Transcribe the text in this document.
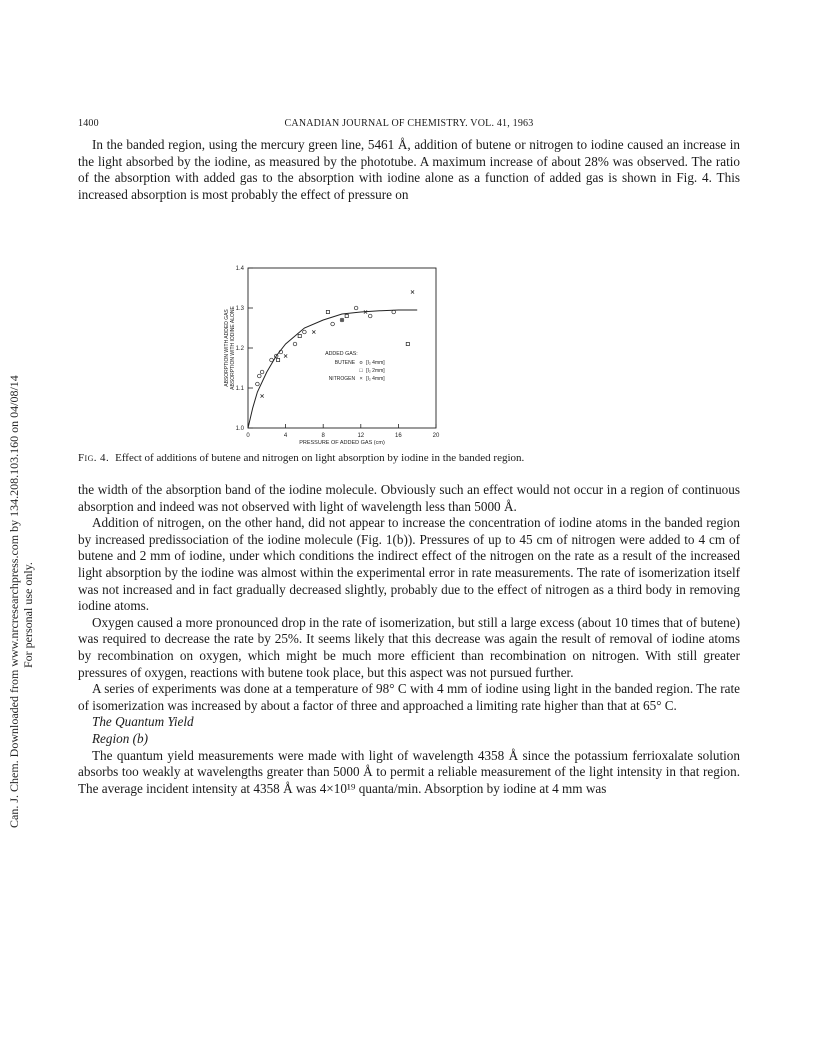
Can. J. Chem. Downloaded from www.nrcresearchpress.com by 134.208.103.160 on 04/08/14 For personal use only.
1400	CANADIAN JOURNAL OF CHEMISTRY. VOL. 41, 1963

In the banded region, using the mercury green line, 5461 Å, addition of butene or nitrogen to iodine caused an increase in the light absorbed by the iodine, as measured by the phototube. A maximum increase of about 28% was observed. The ratio of the absorption with added gas to the absorption with iodine alone as a function of added gas is shown in Fig. 4. This increased absorption is most probably the effect of pressure on

0	4	8	12	16	20
1.0
1.1
1.2
1.3
1.4
PRESSURE OF ADDED GAS (cm)
ABSORPTION WITH ADDED GAS ABSORPTION WITH IODINE ALONE	ADDED GAS:
BUTENE o [I₂ 4mm]
□ [I₂ 2mm]
NITROGEN × [I₂ 4mm]
Fig. 4. Effect of additions of butene and nitrogen on light absorption by iodine in the banded region.

the width of the absorption band of the iodine molecule. Obviously such an effect would not occur in a region of continuous absorption and indeed was not observed with light of wavelength less than 5000 Å.

Addition of nitrogen, on the other hand, did not appear to increase the concentration of iodine atoms in the banded region by increased predissociation of the iodine molecule (Fig. 1(b)). Pressures of up to 45 cm of nitrogen were added to 4 cm of butene and 2 mm of iodine, under which conditions the indirect effect of the nitrogen on the rate as a result of the increased light absorption by the iodine was almost within the experimental error in rate measurements. The rate of isomerization itself was not increased and in fact gradually decreased slightly, probably due to the effect of nitrogen as a third body in removing iodine atoms.

Oxygen caused a more pronounced drop in the rate of isomerization, but still a large excess (about 10 times that of butene) was required to decrease the rate by 25%. It seems likely that this decrease was again the result of removal of iodine atoms by recombination on oxygen, which might be much more efficient than recombination on nitrogen. With still greater pressures of oxygen, reactions with butene took place, but this aspect was not pursued further.

A series of experiments was done at a temperature of 98° C with 4 mm of iodine using light in the banded region. The rate of isomerization was increased by about a factor of three and approached a limiting rate higher than that at 65° C.

The Quantum Yield

Region (b)

The quantum yield measurements were made with light of wavelength 4358 Å since the potassium ferrioxalate solution absorbs too weakly at wavelengths greater than 5000 Å to permit a reliable measurement of the light intensity in that region. The average incident intensity at 4358 Å was 4×10¹⁹ quanta/min. Absorption by iodine at 4 mm was
